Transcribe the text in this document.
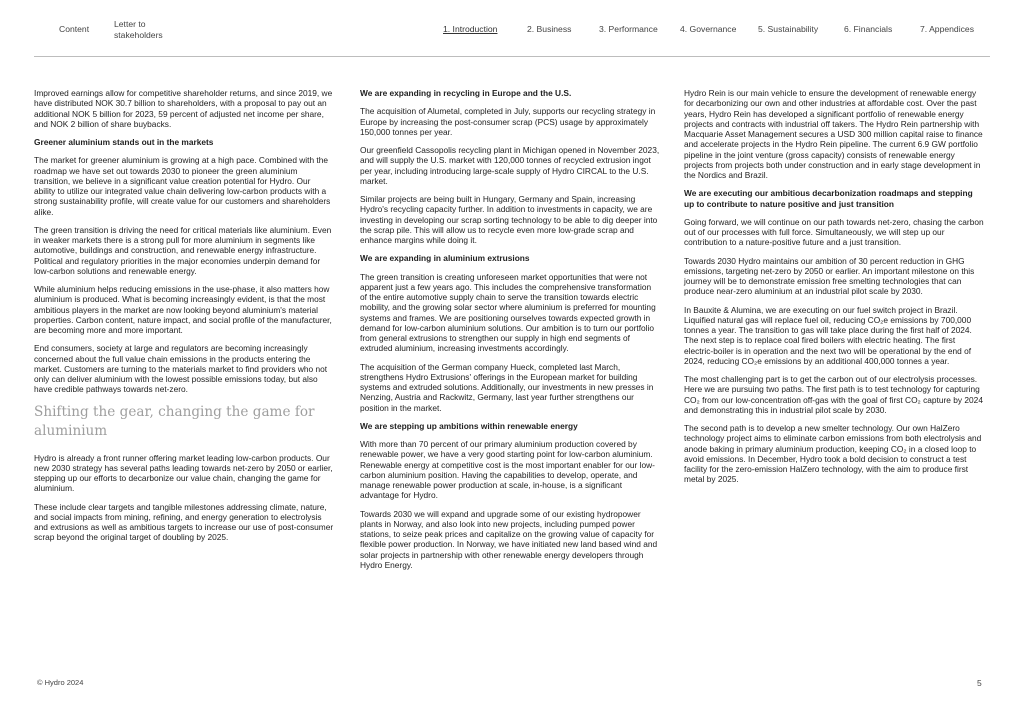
Content	Letter to
stakeholders
1. Introduction	2. Business	3. Performance	4. Governance	5. Sustainability	6. Financials	7. Appendices

Improved earnings allow for competitive shareholder returns, and since 2019, we have distributed NOK 30.7 billion to shareholders, with a proposal to pay out an additional NOK 5 billion for 2023, 59 percent of adjusted net income per share, and NOK 2 billion of share buybacks.

Greener aluminium stands out in the markets

The market for greener aluminium is growing at a high pace. Combined with the roadmap we have set out towards 2030 to pioneer the green aluminium transition, we believe in a significant value creation potential for Hydro. Our ability to utilize our integrated value chain delivering low-carbon products with a strong sustainability profile, will create value for our customers and shareholders alike.

The green transition is driving the need for critical materials like aluminium. Even in weaker markets there is a strong pull for more aluminium in segments like automotive, buildings and construction, and renewable energy infrastructure. Political and regulatory priorities in the major economies underpin demand for low-carbon solutions and renewable energy.

While aluminium helps reducing emissions in the use-phase, it also matters how aluminium is produced. What is becoming increasingly evident, is that the most ambitious players in the market are now looking beyond aluminium's material properties. Carbon content, nature impact, and social profile of the manufacturer, are becoming more and more important.

End consumers, society at large and regulators are becoming increasingly concerned about the full value chain emissions in the products entering the market. Customers are turning to the materials market to find providers who not only can deliver aluminium with the lowest possible emissions today, but also have credible pathways towards net-zero.

Shifting the gear, changing the game for aluminium

Hydro is already a front runner offering market leading low-carbon products. Our new 2030 strategy has several paths leading towards net-zero by 2050 or earlier, stepping up our efforts to decarbonize our value chain, changing the game for aluminium.

These include clear targets and tangible milestones addressing climate, nature, and social impacts from mining, refining, and energy generation to electrolysis and extrusions as well as ambitious targets to increase our use of post-consumer scrap beyond the original target of doubling by 2025.

We are expanding in recycling in Europe and the U.S.

The acquisition of Alumetal, completed in July, supports our recycling strategy in Europe by increasing the post-consumer scrap (PCS) usage by approximately 150,000 tonnes per year.

Our greenfield Cassopolis recycling plant in Michigan opened in November 2023, and will supply the U.S. market with 120,000 tonnes of recycled extrusion ingot per year, including introducing large-scale supply of Hydro CIRCAL to the U.S. market.

Similar projects are being built in Hungary, Germany and Spain, increasing Hydro's recycling capacity further. In addition to investments in capacity, we are investing in developing our scrap sorting technology to be able to dig deeper into the scrap pile. This will allow us to recycle even more low-grade scrap and enhance margins while doing it.

We are expanding in aluminium extrusions

The green transition is creating unforeseen market opportunities that were not apparent just a few years ago. This includes the comprehensive transformation of the entire automotive supply chain to serve the transition towards electric mobility, and the growing solar sector where aluminium is preferred for mounting systems and frames. We are positioning ourselves towards expected growth in demand for low-carbon aluminium solutions. Our ambition is to turn our portfolio from general extrusions to strengthen our supply in high end segments of extruded aluminium, increasing investments accordingly.

The acquisition of the German company Hueck, completed last March, strengthens Hydro Extrusions' offerings in the European market for building systems and extruded solutions. Additionally, our investments in new presses in Nenzing, Austria and Rackwitz, Germany, last year further strengthens our position in the market.

We are stepping up ambitions within renewable energy

With more than 70 percent of our primary aluminium production covered by renewable power, we have a very good starting point for low-carbon aluminium. Renewable energy at competitive cost is the most important enabler for our low-carbon aluminium position. Having the capabilities to develop, operate, and manage renewable power production at scale, in-house, is a significant advantage for Hydro.

Towards 2030 we will expand and upgrade some of our existing hydropower plants in Norway, and also look into new projects, including pumped power stations, to seize peak prices and capitalize on the growing value of capacity for flexible power production. In Norway, we have initiated new land based wind and solar projects in partnership with other renewable energy developers through Hydro Energy.

Hydro Rein is our main vehicle to ensure the development of renewable energy for decarbonizing our own and other industries at affordable cost. Over the past years, Hydro Rein has developed a significant portfolio of renewable energy projects and contracts with industrial off takers. The Hydro Rein partnership with Macquarie Asset Management secures a USD 300 million capital raise to finance and accelerate projects in the Hydro Rein pipeline. The current 6.9 GW portfolio pipeline in the joint venture (gross capacity) consists of renewable energy projects from projects both under construction and in early stage development in the Nordics and Brazil.

We are executing our ambitious decarbonization roadmaps and stepping up to contribute to nature positive and just transition

Going forward, we will continue on our path towards net-zero, chasing the carbon out of our processes with full force. Simultaneously, we will step up our contribution to a nature-positive future and a just transition.

Towards 2030 Hydro maintains our ambition of 30 percent reduction in GHG emissions, targeting net-zero by 2050 or earlier. An important milestone on this journey will be to demonstrate emission free smelting technologies that can produce near-zero aluminium at an industrial pilot scale by 2030.

In Bauxite & Alumina, we are executing on our fuel switch project in Brazil. Liquified natural gas will replace fuel oil, reducing CO₂e emissions by 700,000 tonnes a year. The transition to gas will take place during the first half of 2024. The next step is to replace coal fired boilers with electric heating. The first electric-boiler is in operation and the next two will be operational by the end of 2024, reducing CO₂e emissions by an additional 400,000 tonnes a year.

The most challenging part is to get the carbon out of our electrolysis processes. Here we are pursuing two paths. The first path is to test technology for capturing CO₂ from our low-concentration off-gas with the goal of first CO₂ capture by 2024 and demonstrating this in industrial pilot scale by 2030.

The second path is to develop a new smelter technology. Our own HalZero technology project aims to eliminate carbon emissions from both electrolysis and anode baking in primary aluminium production, keeping CO₂ in a closed loop to avoid emissions. In December, Hydro took a bold decision to construct a test facility for the zero-emission HalZero technology, with the aim to produce first metal by 2025.

© Hydro 2024	5
